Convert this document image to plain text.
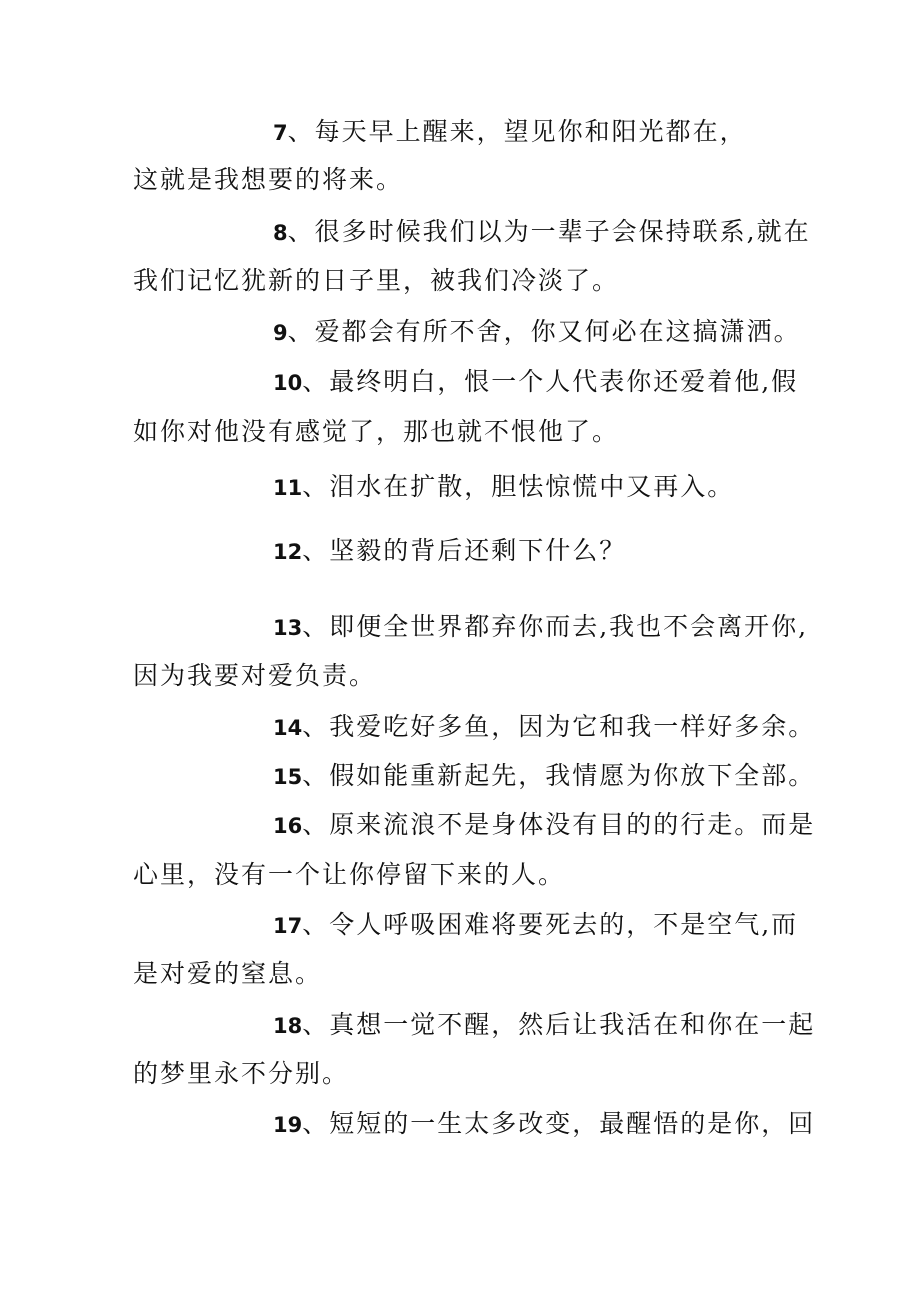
7、每天早上醒来，望见你和阳光都在，
这就是我想要的将来。
8、很多时候我们以为一辈子会保持联系,就在
我们记忆犹新的日子里，被我们冷淡了。
9、爱都会有所不舍，你又何必在这搞潇洒。
10、最终明白，恨一个人代表你还爱着他,假
如你对他没有感觉了，那也就不恨他了。
11、泪水在扩散，胆怯惊慌中又再入。
12、坚毅的背后还剩下什么？
13、即便全世界都弃你而去,我也不会离开你,
因为我要对爱负责。
14、我爱吃好多鱼，因为它和我一样好多余。
15、假如能重新起先，我情愿为你放下全部。
16、原来流浪不是身体没有目的的行走。而是
心里，没有一个让你停留下来的人。
17、令人呼吸困难将要死去的，不是空气,而
是对爱的窒息。
18、真想一觉不醒，然后让我活在和你在一起
的梦里永不分别。
19、短短的一生太多改变，最醒悟的是你，回
